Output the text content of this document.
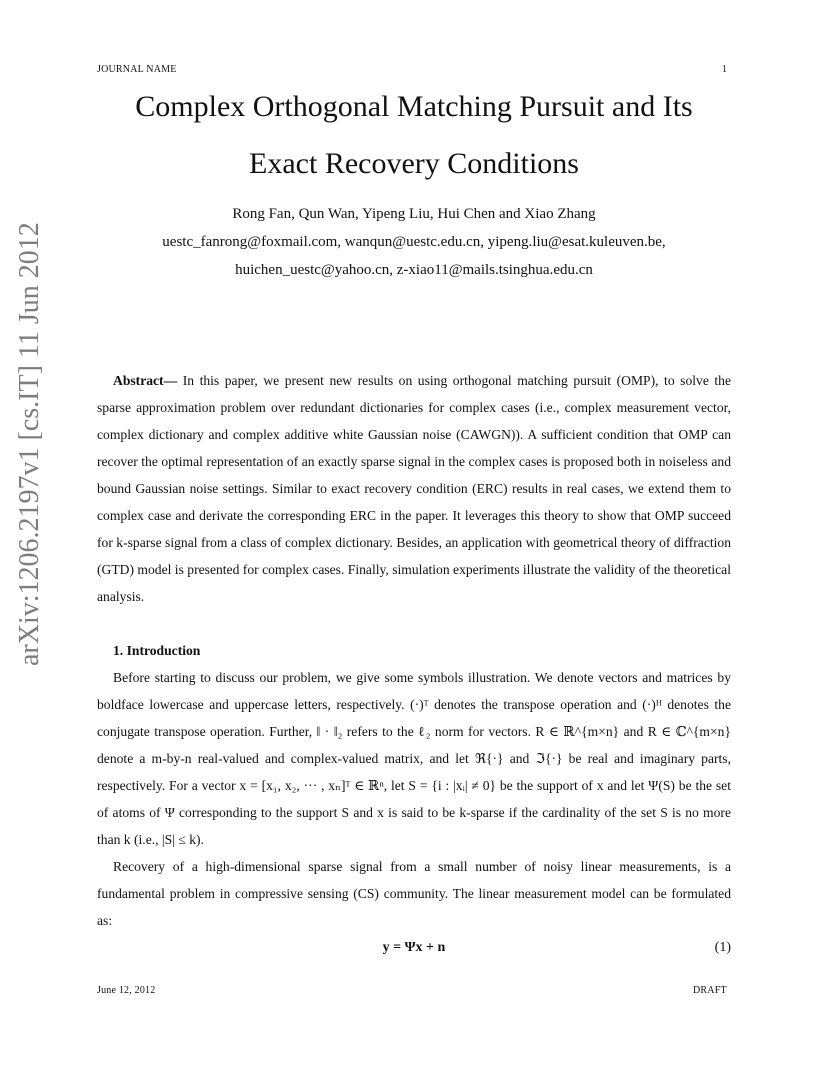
JOURNAL NAME	1
arXiv:1206.2197v1 [cs.IT] 11 Jun 2012
Complex Orthogonal Matching Pursuit and Its
Exact Recovery Conditions
Rong Fan, Qun Wan, Yipeng Liu, Hui Chen and Xiao Zhang
uestc_fanrong@foxmail.com, wanqun@uestc.edu.cn, yipeng.liu@esat.kuleuven.be,
huichen_uestc@yahoo.cn, z-xiao11@mails.tsinghua.edu.cn

Abstract— In this paper, we present new results on using orthogonal matching pursuit (OMP), to solve the sparse approximation problem over redundant dictionaries for complex cases (i.e., complex measurement vector, complex dictionary and complex additive white Gaussian noise (CAWGN)). A sufficient condition that OMP can recover the optimal representation of an exactly sparse signal in the complex cases is proposed both in noiseless and bound Gaussian noise settings. Similar to exact recovery condition (ERC) results in real cases, we extend them to complex case and derivate the corresponding ERC in the paper. It leverages this theory to show that OMP succeed for k-sparse signal from a class of complex dictionary. Besides, an application with geometrical theory of diffraction (GTD) model is presented for complex cases. Finally, simulation experiments illustrate the validity of the theoretical analysis.

1. Introduction

Before starting to discuss our problem, we give some symbols illustration. We denote vectors and matrices by boldface lowercase and uppercase letters, respectively. (·)ᵀ denotes the transpose operation and (·)ᴴ denotes the conjugate transpose operation. Further, ‖ · ‖₂ refers to the ℓ₂ norm for vectors. R ∈ ℝ^{m×n} and R ∈ ℂ^{m×n} denote a m-by-n real-valued and complex-valued matrix, and let ℜ{·} and ℑ{·} be real and imaginary parts, respectively. For a vector x = [x₁, x₂, ··· , xₙ]ᵀ ∈ ℝⁿ, let S = {i : |xᵢ| ≠ 0} be the support of x and let Ψ(S) be the set of atoms of Ψ corresponding to the support S and x is said to be k-sparse if the cardinality of the set S is no more than k (i.e., |S| ≤ k).

Recovery of a high-dimensional sparse signal from a small number of noisy linear measurements, is a fundamental problem in compressive sensing (CS) community. The linear measurement model can be formulated as:

y = Ψx + n	(1)
June 12, 2012	DRAFT
